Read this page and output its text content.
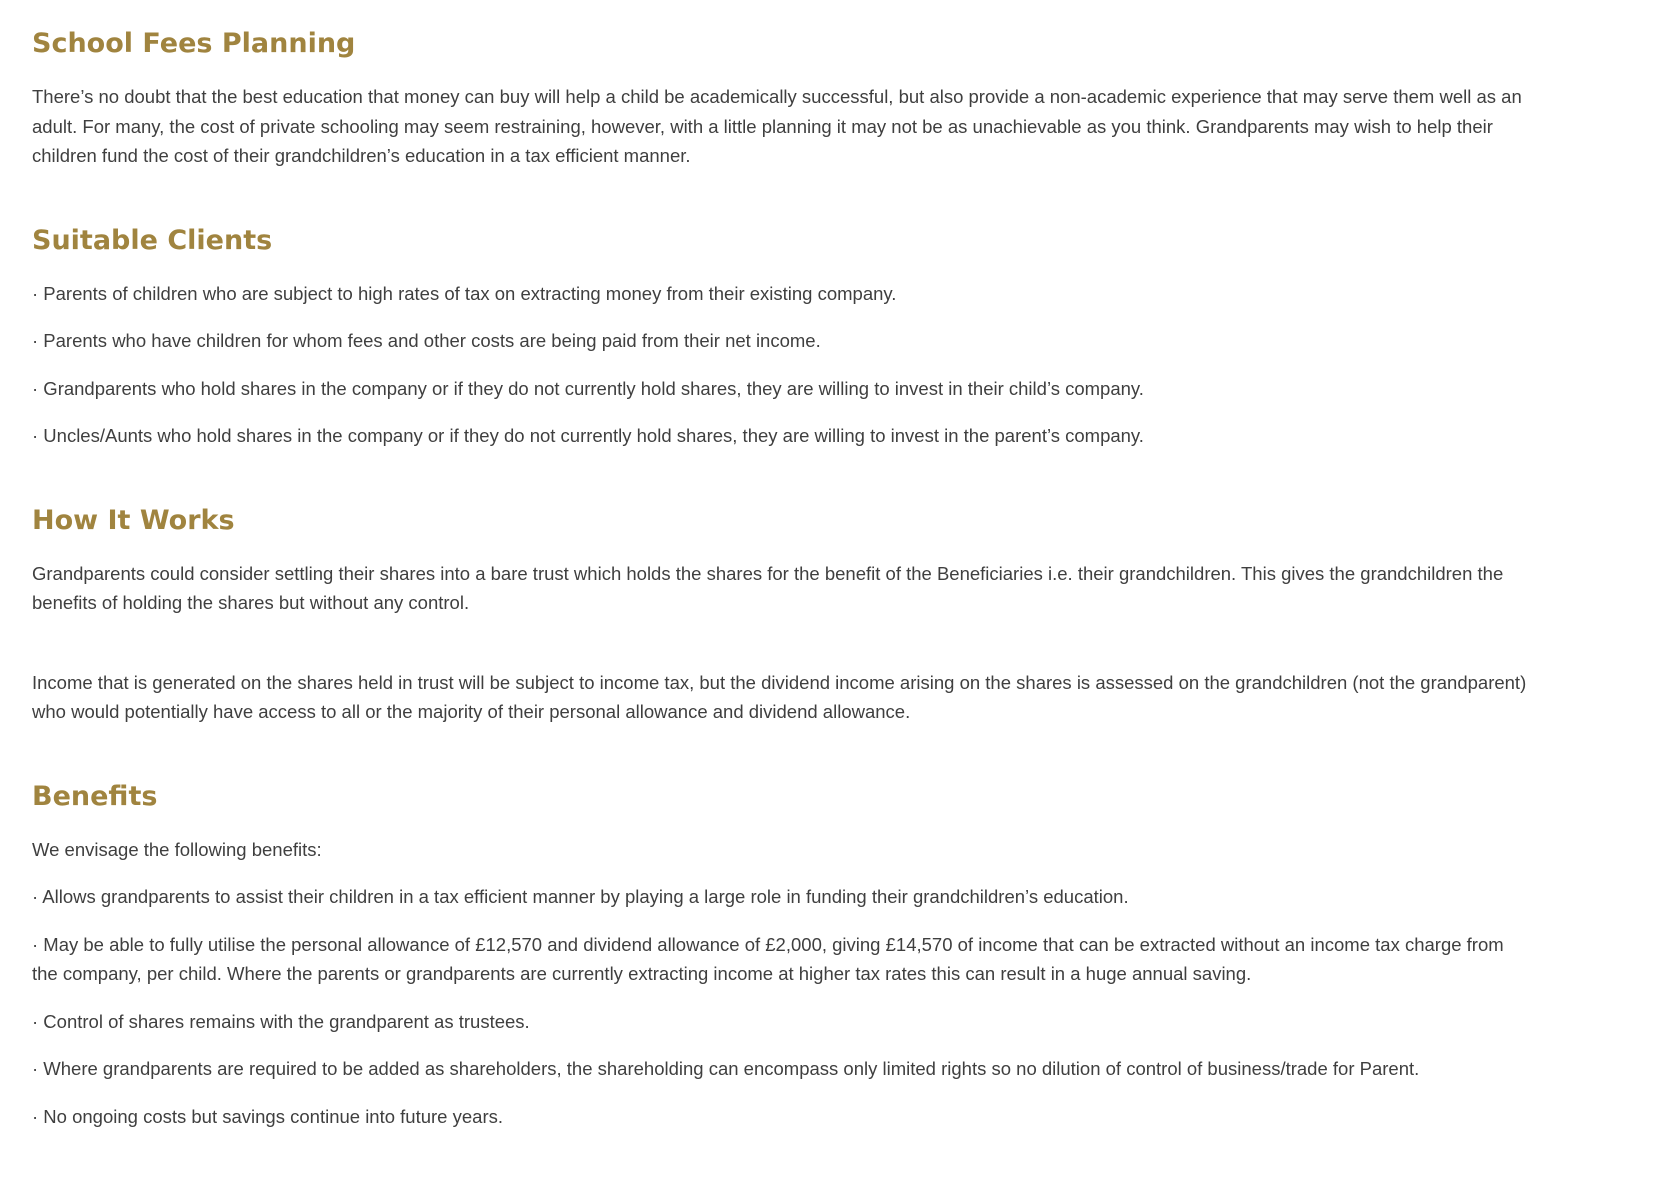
School Fees Planning

There’s no doubt that the best education that money can buy will help a child be academically successful, but also provide a non-academic experience that may serve them well as an adult. For many, the cost of private schooling may seem restraining, however, with a little planning it may not be as unachievable as you think. Grandparents may wish to help their children fund the cost of their grandchildren’s education in a tax efficient manner.

Suitable Clients

· Parents of children who are subject to high rates of tax on extracting money from their existing company.

· Parents who have children for whom fees and other costs are being paid from their net income.

· Grandparents who hold shares in the company or if they do not currently hold shares, they are willing to invest in their child’s company.

· Uncles/Aunts who hold shares in the company or if they do not currently hold shares, they are willing to invest in the parent’s company.

How It Works

Grandparents could consider settling their shares into a bare trust which holds the shares for the benefit of the Beneficiaries i.e. their grandchildren. This gives the grandchildren the benefits of holding the shares but without any control.

Income that is generated on the shares held in trust will be subject to income tax, but the dividend income arising on the shares is assessed on the grandchildren (not the grandparent) who would potentially have access to all or the majority of their personal allowance and dividend allowance.

Benefits

We envisage the following benefits:

· Allows grandparents to assist their children in a tax efficient manner by playing a large role in funding their grandchildren’s education.

· May be able to fully utilise the personal allowance of £12,570 and dividend allowance of £2,000, giving £14,570 of income that can be extracted without an income tax charge from the company, per child. Where the parents or grandparents are currently extracting income at higher tax rates this can result in a huge annual saving.

· Control of shares remains with the grandparent as trustees.

· Where grandparents are required to be added as shareholders, the shareholding can encompass only limited rights so no dilution of control of business/trade for Parent.

· No ongoing costs but savings continue into future years.
